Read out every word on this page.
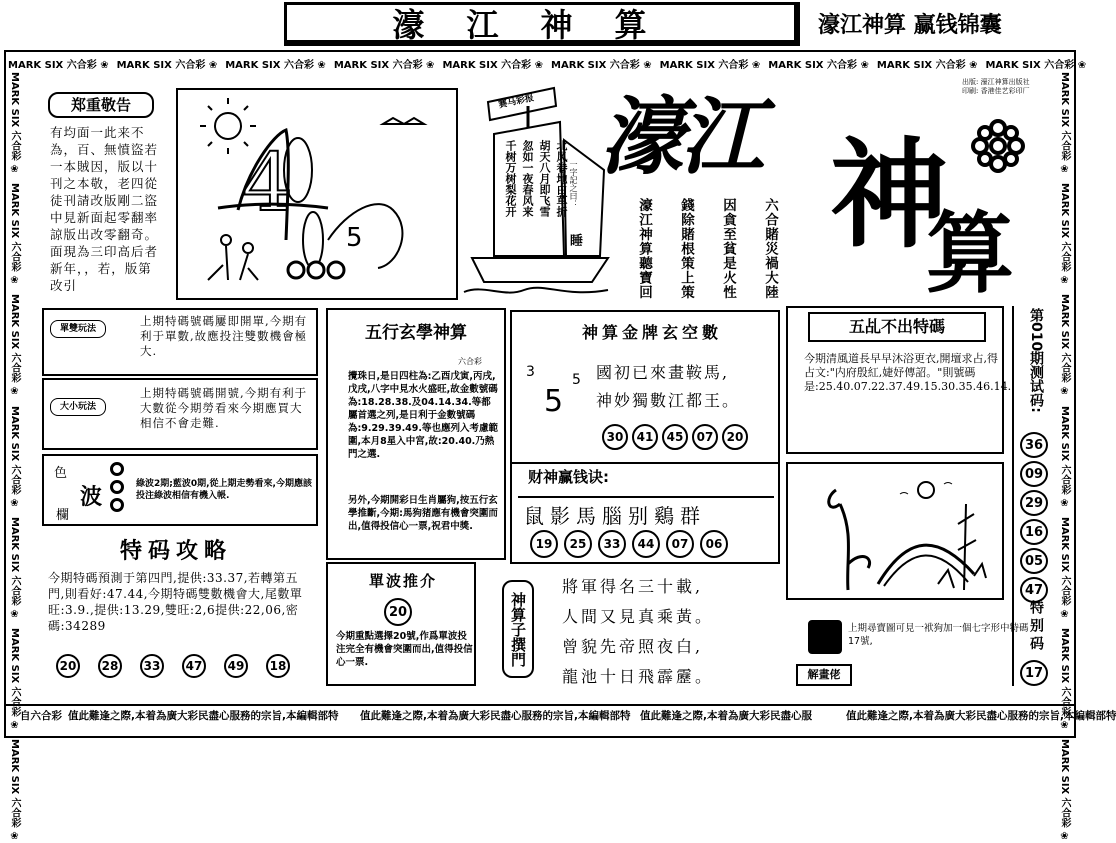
濠江神算	濠江神算 赢钱锦囊
MARK SIX 六合彩 ❀ MARK SIX 六合彩 ❀ MARK SIX 六合彩 ❀ MARK SIX 六合彩 ❀ MARK SIX 六合彩 ❀ MARK SIX 六合彩 ❀ MARK SIX 六合彩 ❀ MARK SIX 六合彩 ❀ MARK SIX 六合彩 ❀ MARK SIX 六合彩 ❀
MARK SIX 六合彩 ❀
MARK SIX 六合彩 ❀
MARK SIX 六合彩 ❀
MARK SIX 六合彩 ❀
MARK SIX 六合彩 ❀
MARK SIX 六合彩 ❀
MARK SIX 六合彩 ❀
MARK SIX 六合彩 ❀
MARK SIX 六合彩 ❀
MARK SIX 六合彩 ❀
MARK SIX 六合彩 ❀
MARK SIX 六合彩 ❀
MARK SIX 六合彩 ❀
MARK SIX 六合彩 ❀
出版: 濠江神算出版社
印刷: 香港佳艺彩印厂
郑重敬告
有均面一此来不為，百、無憤盜若一本賊因，版以十刊之本敬，老四從徒刊請改版剛二盜中見新面起零翻率諒版出改零翻奇。面現為三印高后者新年，，若，版第改引
4
5
赛马彩报
北风卷地白草折
胡天八月即飞雪
忽如一夜春风来
千树万树梨花开	一字記之曰：
睡
濠江 神
算
六合賭災禍大陸
因貪至貧是火性
錢除賭根策上策
濠江神算聽寶回
單雙玩法
上期特碼號碼屢即開單,今期有利于單數,故應投注雙數機會極大.
大小玩法
上期特碼號碼開號,今期有利于大數從今期勞看來今期應買大相信不會走難.
色
波
欄
綠波2期;藍波0期,從上期走勢看來,今期應該投注綠波相信有機入帳.
特码攻略
今期特碼預測于第四門,提供:33.37,若轉第五門,則看好:47.44,今期特碼雙數機會大,尾數單旺:3.9.,提供:13.29,雙旺:2,6提供:22,06,密碼:34289
20	28	33	47	49	18
五行玄學神算
六合彩
攪珠日,是日四柱為:乙酉戊寅,丙戌,戊戌,八字中見水火盛旺,故金數號碼為:18.28.38.及04.14.34.等都屬首選之列,是日利于金數號碼為:9.29.39.49.等也應列入考慮範圍,本月8星入中宮,故:20.40.乃熱門之選.
另外,今期開彩日生肖屬狗,按五行玄學推斷,今期:馬狗猪應有機會突圍而出,值得投信心一票,祝君中獎.
神算金牌玄空數
3
5
5 國初已來畫鞍馬,
神妙獨數江都王。
30	41	45	07	20
财神赢钱诀:
鼠影馬腦别鷄群
19	25	33	44	07	06
單波推介
20
今期重點選擇20號,作爲單波投注完全有機會突圍而出,值得投信心一票.	神算子撰門
將軍得名三十載,
人間又見真乘黃。
曾貌先帝照夜白,
龍池十日飛霹靂。
五乩不出特碼
今期清風道長早早沐浴更衣,開壇求占,得占文:"内府殷紅,婕妤傳詔。"則號碼是:25.40.07.22.37.49.15.30.35.46.14.
上期尋寶圖可見一袱狗加一個七字形中特碼17號,
解畫佬
第010期测试码:
36
09
29
16
05
47
特别码
17
自六合彩 值此難逢之際,本着為廣大彩民盡心服務的宗旨,本編輯部特 值此難逢之際,本着為廣大彩民盡心服務的宗旨,本編輯部特 值此難逢之際,本着為廣大彩民盡心服	值此難逢之際,本着為廣大彩民盡心服務的宗旨,本編輯部特
